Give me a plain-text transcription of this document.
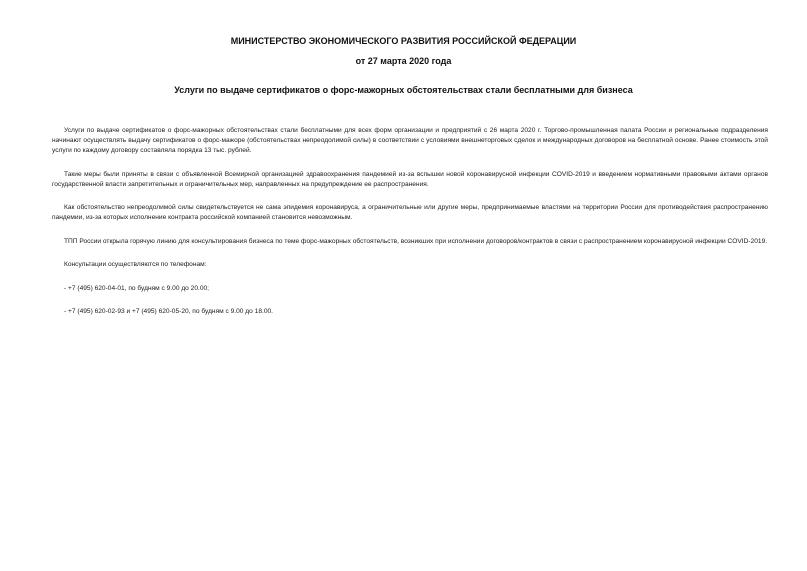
МИНИСТЕРСТВО ЭКОНОМИЧЕСКОГО РАЗВИТИЯ РОССИЙСКОЙ ФЕДЕРАЦИИ
от 27 марта 2020 года
Услуги по выдаче сертификатов о форс-мажорных обстоятельствах стали бесплатными для бизнеса

Услуги по выдаче сертификатов о форс-мажорных обстоятельствах стали бесплатными для всех форм организации и предприятий с 26 марта 2020 г. Торгово-промышленная палата России и региональные подразделения начинают осуществлять выдачу сертификатов о форс-мажоре (обстоятельствах непреодолимой силы) в соответствии с условиями внешнеторговых сделок и международных договоров на бесплатной основе. Ранее стоимость этой услуги по каждому договору составляла порядка 13 тыс. рублей.

Такие меры были приняты в связи с объявленной Всемирной организацией здравоохранения пандемией из-за вспышки новой коронавирусной инфекции COVID-2019 и введением нормативными правовыми актами органов государственной власти запретительных и ограничительных мер, направленных на предупреждение ее распространения.

Как обстоятельство непреодолимой силы свидетельствуется не сама эпидемия коронавируса, а ограничительные или другие меры, предпринимаемые властями на территории России для противодействия распространению пандемии, из-за которых исполнение контракта российской компанией становится невозможным.

ТПП России открыла горячую линию для консультирования бизнеса по теме форс-мажорных обстоятельств, возникших при исполнении договоров/контрактов в связи с распространением коронавирусной инфекции COVID-2019.

Консультации осуществляются по телефонам:

- +7 (495) 620-04-01, по будням с 9.00 до 20.00;

- +7 (495) 620-02-93 и +7 (495) 620-05-20, по будням с 9.00 до 18.00.
